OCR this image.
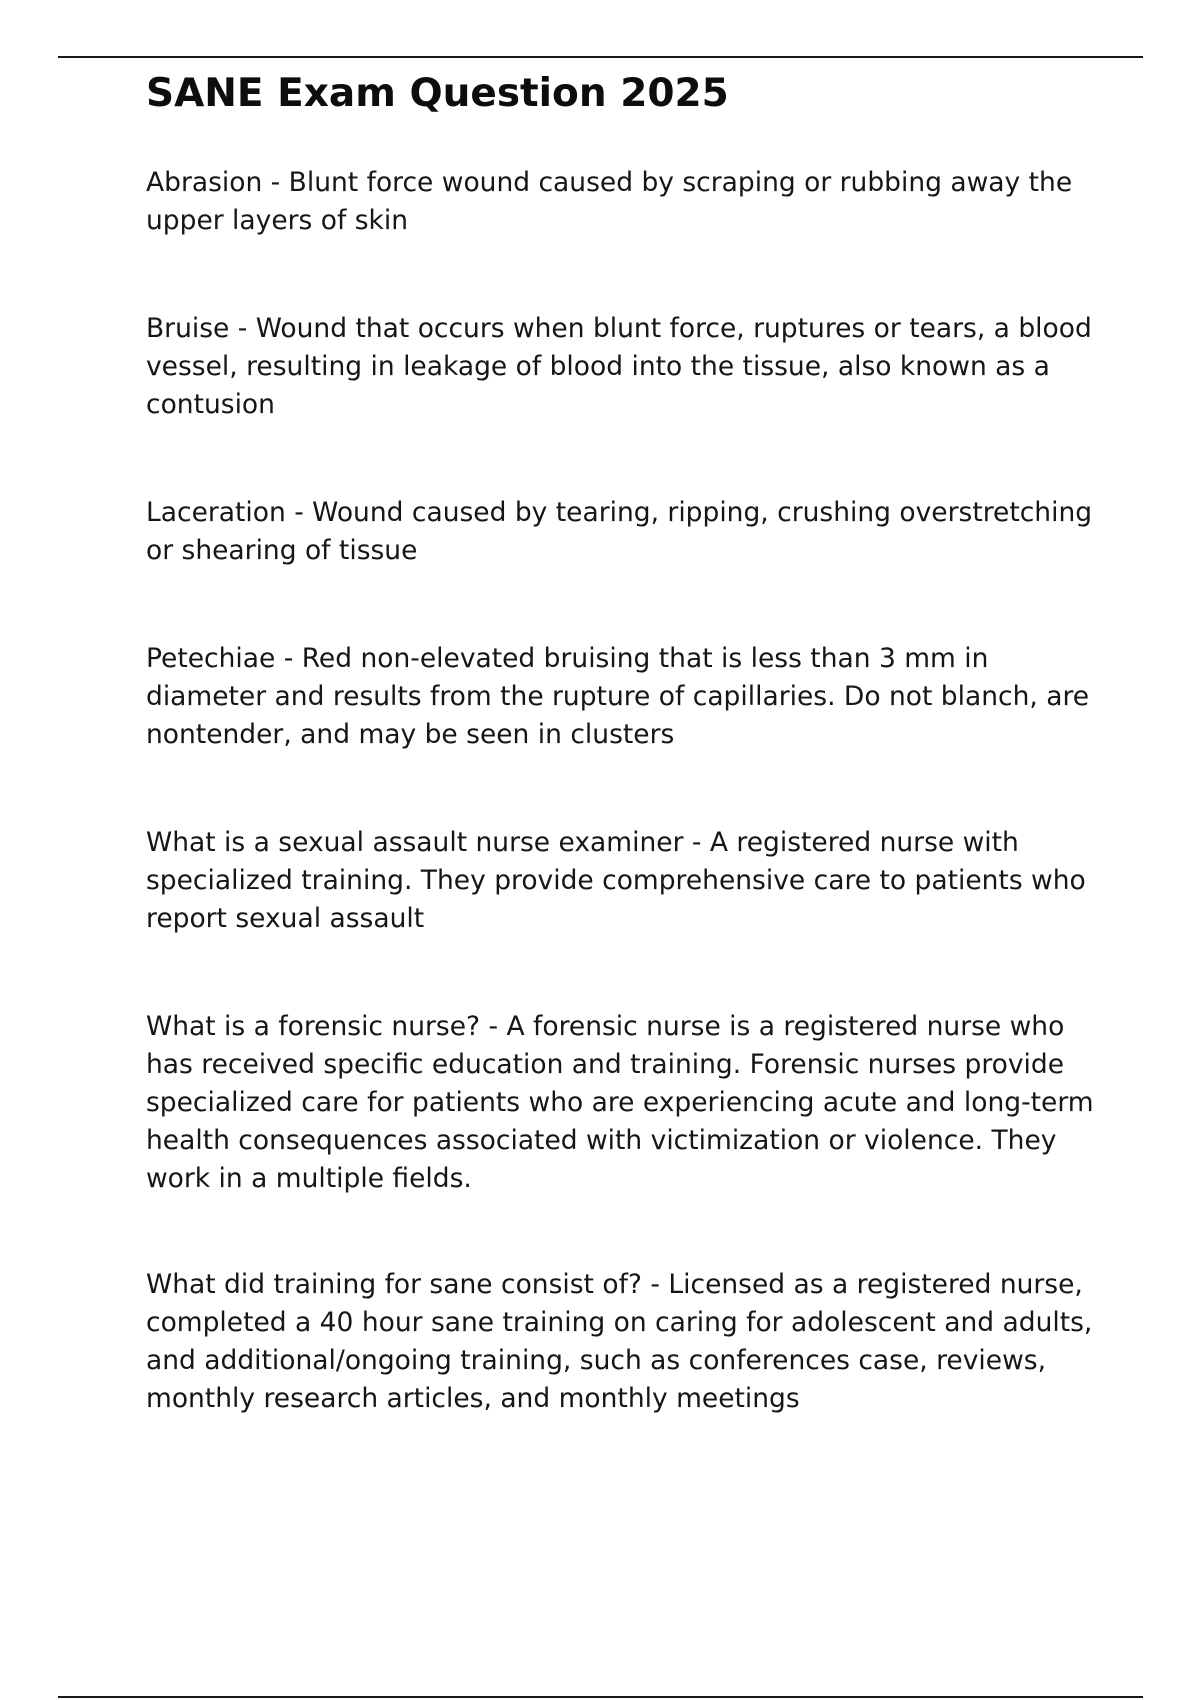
SANE Exam Question 2025
Abrasion - Blunt force wound caused by scraping or rubbing away the upper layers of skin
Bruise - Wound that occurs when blunt force, ruptures or tears, a blood vessel, resulting in leakage of blood into the tissue, also known as a contusion
Laceration - Wound caused by tearing, ripping, crushing overstretching or shearing of tissue
Petechiae - Red non-elevated bruising that is less than 3 mm in diameter and results from the rupture of capillaries. Do not blanch, are nontender, and may be seen in clusters
What is a sexual assault nurse examiner - A registered nurse with specialized training. They provide comprehensive care to patients who report sexual assault
What is a forensic nurse? - A forensic nurse is a registered nurse who has received specific education and training. Forensic nurses provide specialized care for patients who are experiencing acute and long-term health consequences associated with victimization or violence. They work in a multiple fields.
What did training for sane consist of? - Licensed as a registered nurse, completed a 40 hour sane training on caring for adolescent and adults, and additional/ongoing training, such as conferences case, reviews, monthly research articles, and monthly meetings
